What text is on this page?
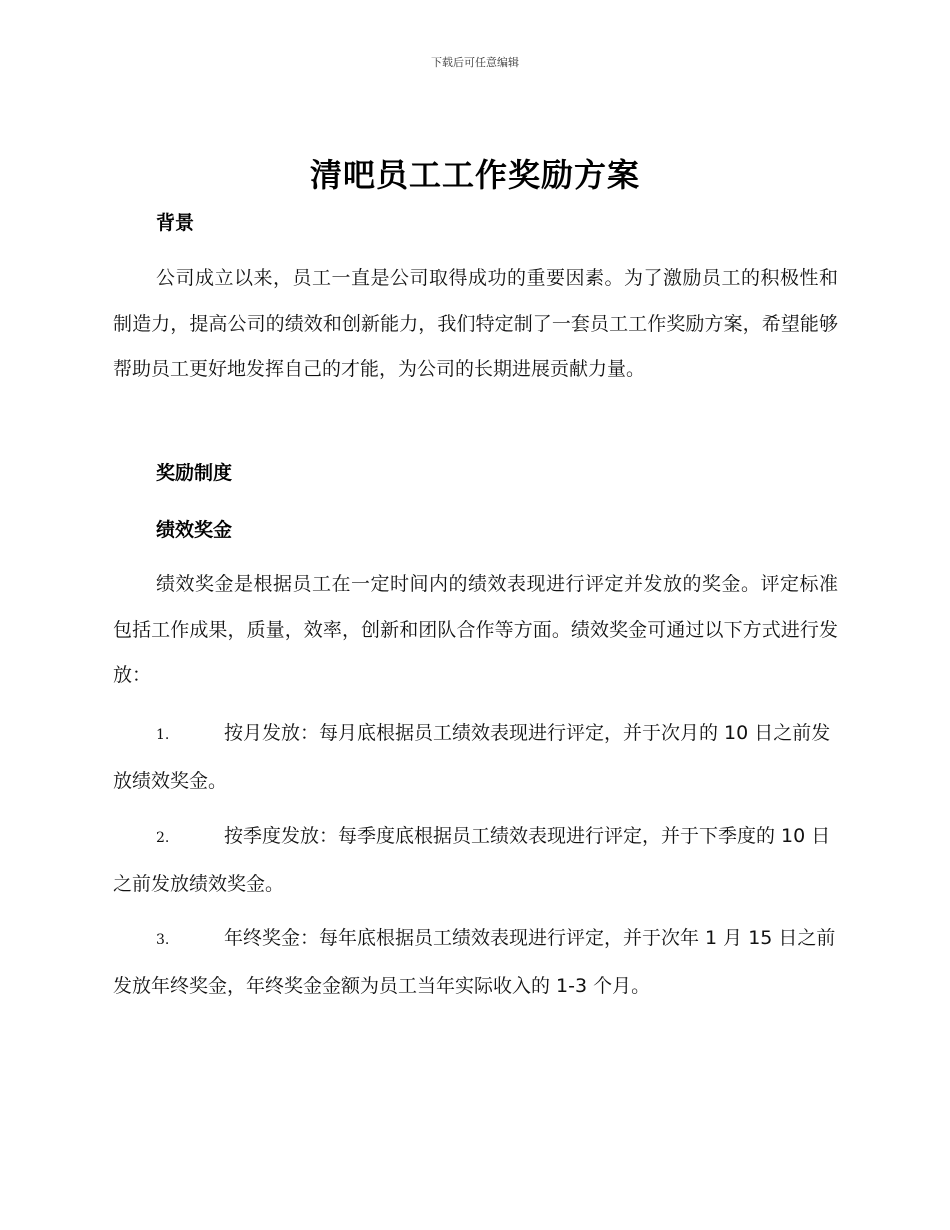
下载后可任意编辑
清吧员工工作奖励方案
背景
公司成立以来，员工一直是公司取得成功的重要因素。为了激励员工的积极性和制造力，提高公司的绩效和创新能力，我们特定制了一套员工工作奖励方案，希望能够帮助员工更好地发挥自己的才能，为公司的长期进展贡献力量。
奖励制度
绩效奖金
绩效奖金是根据员工在一定时间内的绩效表现进行评定并发放的奖金。评定标准包括工作成果，质量，效率，创新和团队合作等方面。绩效奖金可通过以下方式进行发放：
1.	按月发放：每月底根据员工绩效表现进行评定，并于次月的 10 日之前发放绩效奖金。
2.	按季度发放：每季度底根据员工绩效表现进行评定，并于下季度的 10 日之前发放绩效奖金。
3.	年终奖金：每年底根据员工绩效表现进行评定，并于次年 1 月 15 日之前发放年终奖金，年终奖金金额为员工当年实际收入的 1-3 个月。
